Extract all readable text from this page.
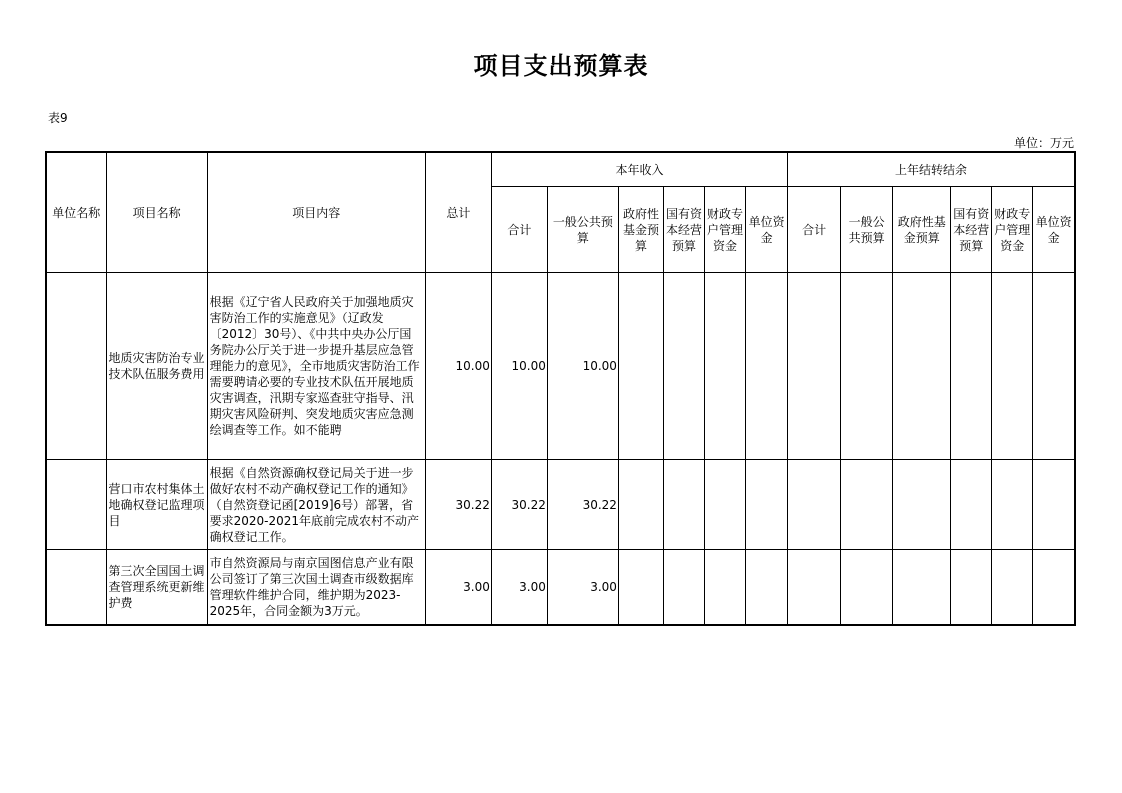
项目支出预算表
表9
单位：万元
单位名称	项目名称	项目内容	总计	本年收入						上年结转结余					
				合计	一般公共预算	政府性基金预算	国有资本经营预算	财政专户管理资金	单位资金	合计	一般公共预算	政府性基金预算	国有资本经营预算	财政专户管理资金	单位资金
	地质灾害防治专业技术队伍服务费用	根据《辽宁省人民政府关于加强地质灾害防治工作的实施意见》（辽政发〔2012〕30号）、《中共中央办公厅国务院办公厅关于进一步提升基层应急管理能力的意见》，全市地质灾害防治工作需要聘请必要的专业技术队伍开展地质灾害调查，汛期专家巡查驻守指导、汛期灾害风险研判、突发地质灾害应急测绘调查等工作。如不能聘	10.00	10.00	10.00										
	营口市农村集体土地确权登记监理项目	根据《自然资源确权登记局关于进一步做好农村不动产确权登记工作的通知》（自然资登记函[2019]6号）部署，省要求2020-2021年底前完成农村不动产确权登记工作。	30.22	30.22	30.22										
	第三次全国国土调查管理系统更新维护费	市自然资源局与南京国图信息产业有限公司签订了第三次国土调查市级数据库管理软件维护合同，维护期为2023-2025年，合同金额为3万元。	3.00	3.00	3.00										
